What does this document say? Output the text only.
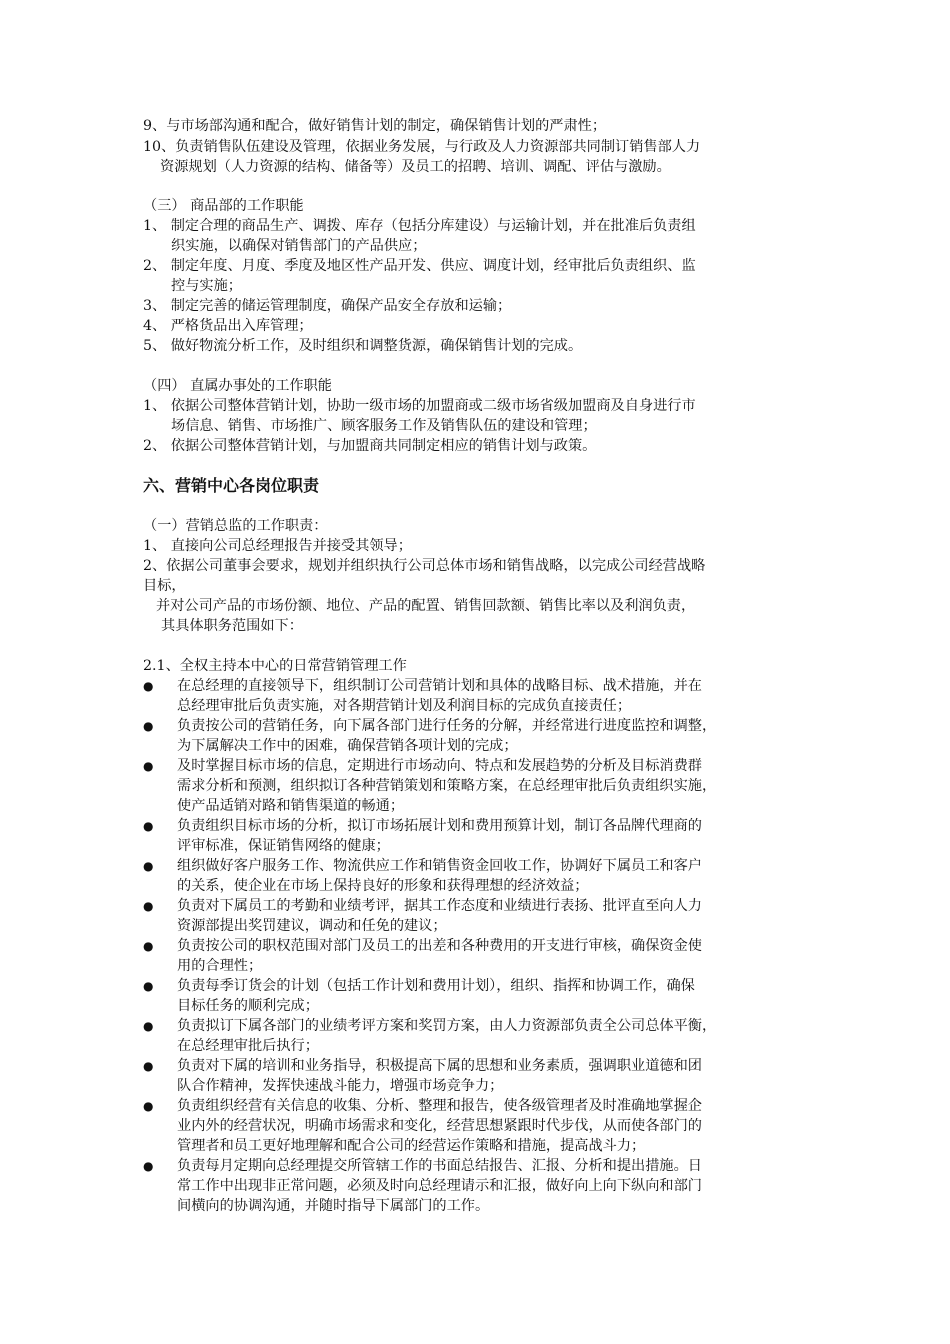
9、与市场部沟通和配合，做好销售计划的制定，确保销售计划的严肃性；
10、负责销售队伍建设及管理，依据业务发展，与行政及人力资源部共同制订销售部人力
资源规划（人力资源的结构、储备等）及员工的招聘、培训、调配、评估与激励。
（三） 商品部的工作职能
1、 制定合理的商品生产、调拨、库存（包括分库建设）与运输计划，并在批准后负责组
织实施，以确保对销售部门的产品供应；
2、 制定年度、月度、季度及地区性产品开发、供应、调度计划，经审批后负责组织、监
控与实施；
3、 制定完善的储运管理制度，确保产品安全存放和运输；
4、 严格货品出入库管理；
5、 做好物流分析工作，及时组织和调整货源，确保销售计划的完成。
（四） 直属办事处的工作职能
1、 依据公司整体营销计划，协助一级市场的加盟商或二级市场省级加盟商及自身进行市
场信息、销售、市场推广、顾客服务工作及销售队伍的建设和管理；
2、 依据公司整体营销计划，与加盟商共同制定相应的销售计划与政策。
六、营销中心各岗位职责
（一）营销总监的工作职责：
1、 直接向公司总经理报告并接受其领导；
2、依据公司董事会要求，规划并组织执行公司总体市场和销售战略，以完成公司经营战略
目标，
并对公司产品的市场份额、地位、产品的配置、销售回款额、销售比率以及利润负责，
其具体职务范围如下：
2.1、全权主持本中心的日常营销管理工作
● 在总经理的直接领导下，组织制订公司营销计划和具体的战略目标、战术措施，并在
总经理审批后负责实施，对各期营销计划及利润目标的完成负直接责任；
● 负责按公司的营销任务，向下属各部门进行任务的分解，并经常进行进度监控和调整，
为下属解决工作中的困难，确保营销各项计划的完成；
● 及时掌握目标市场的信息，定期进行市场动向、特点和发展趋势的分析及目标消费群
需求分析和预测，组织拟订各种营销策划和策略方案，在总经理审批后负责组织实施，
使产品适销对路和销售渠道的畅通；
● 负责组织目标市场的分析，拟订市场拓展计划和费用预算计划，制订各品牌代理商的
评审标准，保证销售网络的健康；
● 组织做好客户服务工作、物流供应工作和销售资金回收工作，协调好下属员工和客户
的关系，使企业在市场上保持良好的形象和获得理想的经济效益；
● 负责对下属员工的考勤和业绩考评，据其工作态度和业绩进行表扬、批评直至向人力
资源部提出奖罚建议，调动和任免的建议；
● 负责按公司的职权范围对部门及员工的出差和各种费用的开支进行审核，确保资金使
用的合理性；
● 负责每季订货会的计划（包括工作计划和费用计划），组织、指挥和协调工作，确保
目标任务的顺利完成；
● 负责拟订下属各部门的业绩考评方案和奖罚方案，由人力资源部负责全公司总体平衡，
在总经理审批后执行；
● 负责对下属的培训和业务指导，积极提高下属的思想和业务素质，强调职业道德和团
队合作精神，发挥快速战斗能力，增强市场竞争力；
● 负责组织经营有关信息的收集、分析、整理和报告，使各级管理者及时准确地掌握企
业内外的经营状况，明确市场需求和变化，经营思想紧跟时代步伐，从而使各部门的
管理者和员工更好地理解和配合公司的经营运作策略和措施，提高战斗力；
● 负责每月定期向总经理提交所管辖工作的书面总结报告、汇报、分析和提出措施。日
常工作中出现非正常问题，必须及时向总经理请示和汇报，做好向上向下纵向和部门
间横向的协调沟通，并随时指导下属部门的工作。
